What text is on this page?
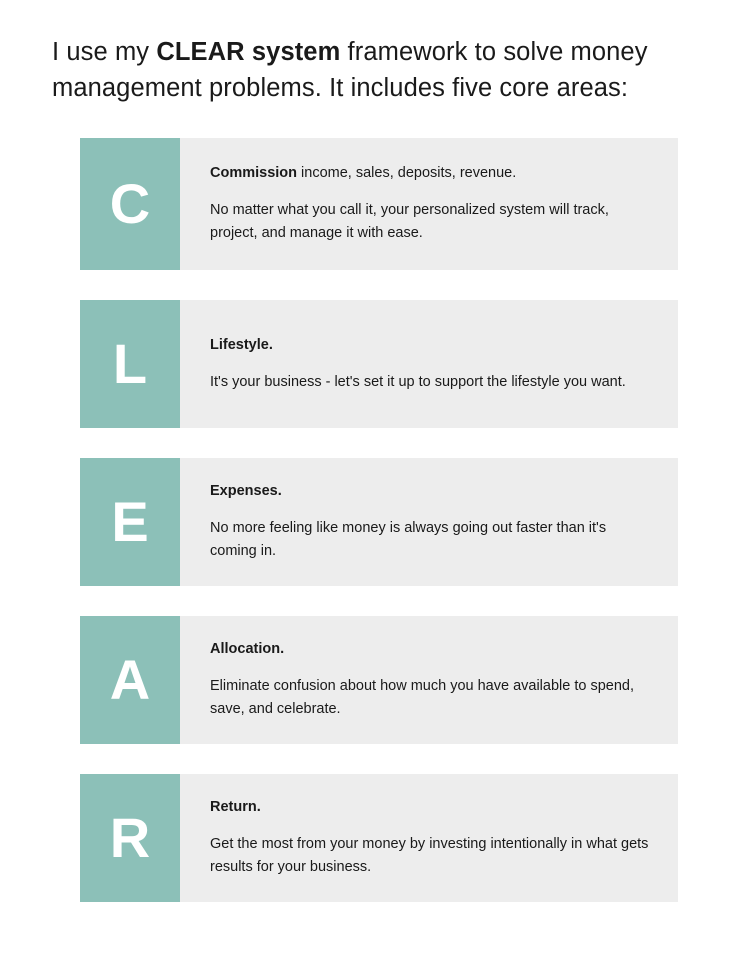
I use my CLEAR system framework to solve money management problems. It includes five core areas:
C	Commission income, sales, deposits, revenue.

No matter what you call it, your personalized system will track, project, and manage it with ease.

L	Lifestyle.

It's your business - let's set it up to support the lifestyle you want.

E	Expenses.

No more feeling like money is always going out faster than it's coming in.

A	Allocation.

Eliminate confusion about how much you have available to spend, save, and celebrate.

R	Return.

Get the most from your money by investing intentionally in what gets results for your business.
